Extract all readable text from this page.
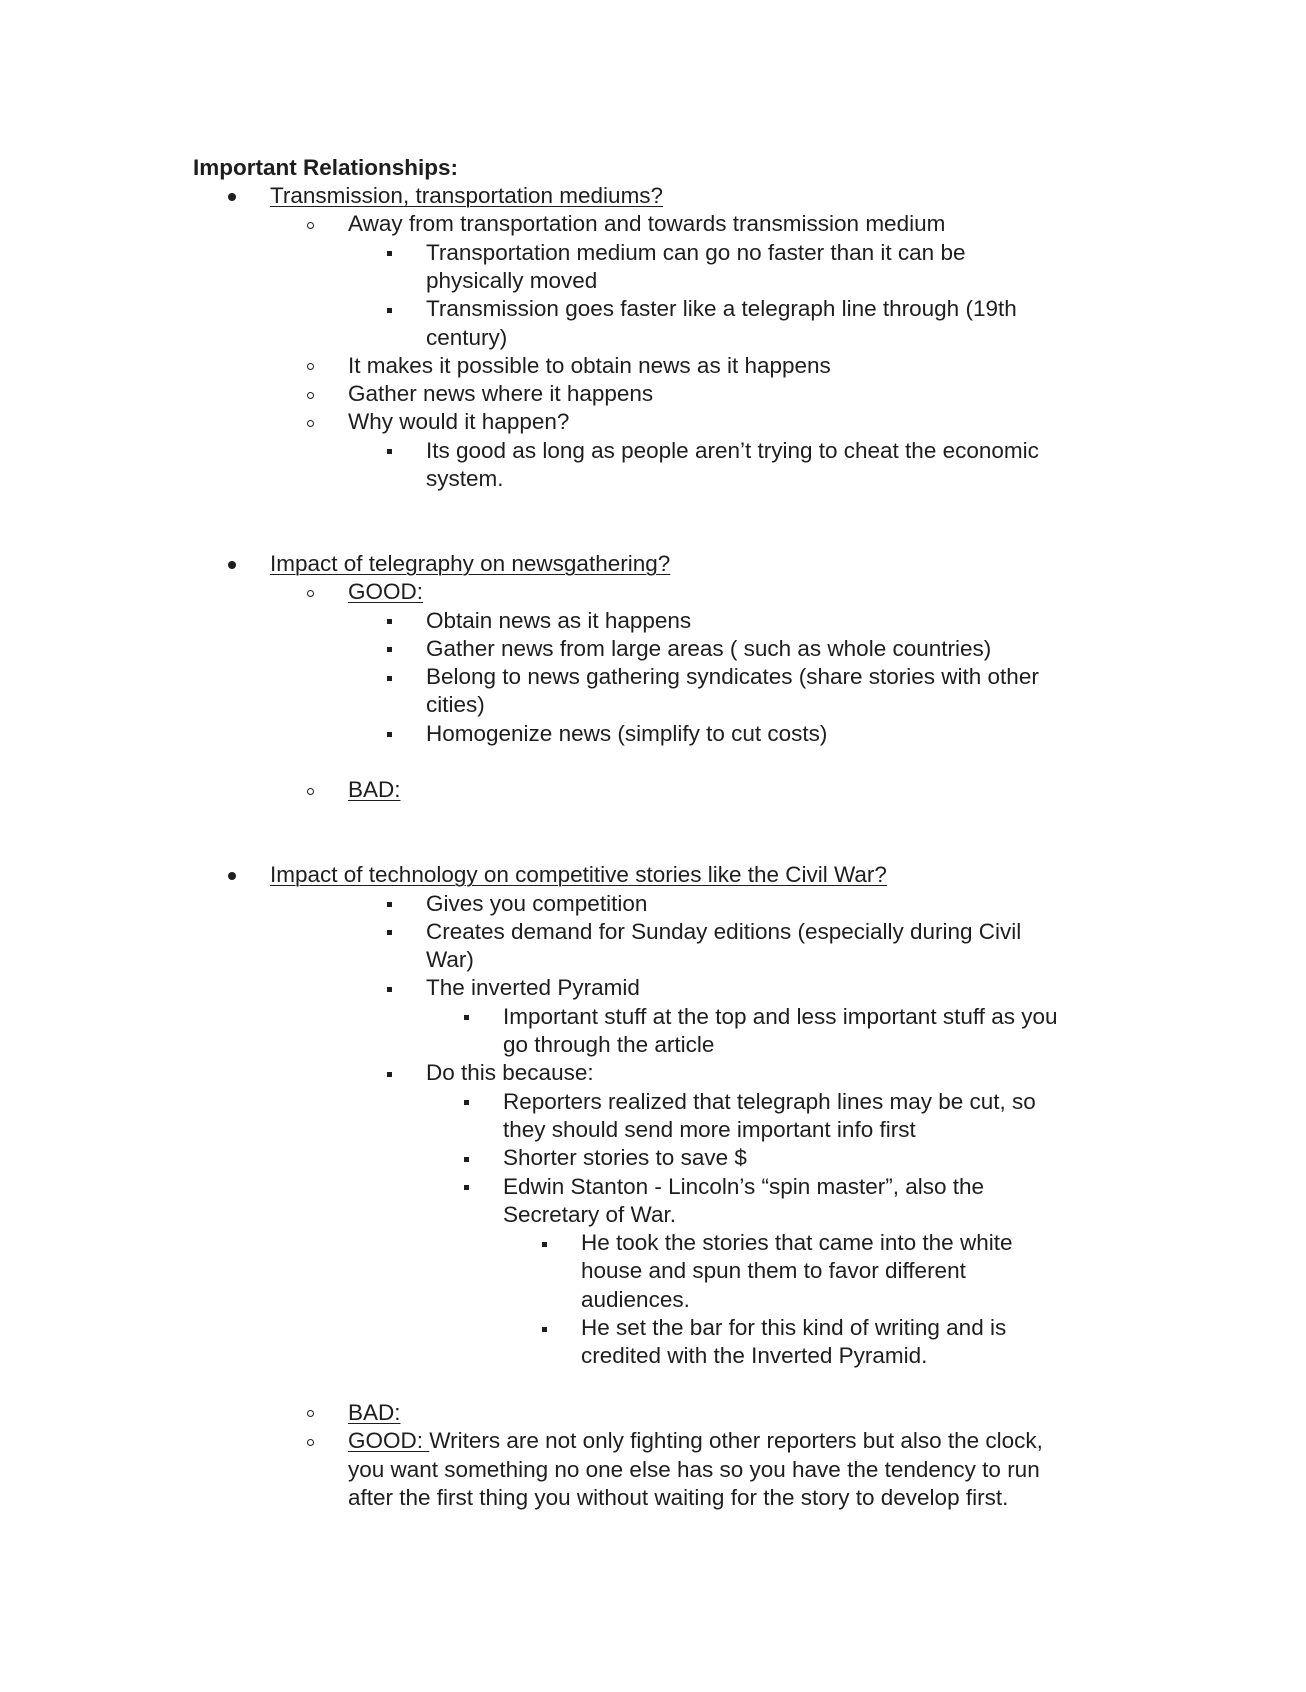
Important Relationships:
Transmission, transportation mediums?
Away from transportation and towards transmission medium
Transportation medium can go no faster than it can be
physically moved
Transmission goes faster like a telegraph line through (19th
century)
It makes it possible to obtain news as it happens
Gather news where it happens
Why would it happen?
Its good as long as people aren’t trying to cheat the economic
system.
Impact of telegraphy on newsgathering?
GOOD:
Obtain news as it happens
Gather news from large areas ( such as whole countries)
Belong to news gathering syndicates (share stories with other
cities)
Homogenize news (simplify to cut costs)
BAD:
Impact of technology on competitive stories like the Civil War?
Gives you competition
Creates demand for Sunday editions (especially during Civil
War)
The inverted Pyramid
Important stuff at the top and less important stuff as you
go through the article
Do this because:
Reporters realized that telegraph lines may be cut, so
they should send more important info first
Shorter stories to save $
Edwin Stanton - Lincoln’s “spin master”, also the
Secretary of War.
He took the stories that came into the white
house and spun them to favor different
audiences.
He set the bar for this kind of writing and is
credited with the Inverted Pyramid.
BAD:
GOOD: Writers are not only fighting other reporters but also the clock,
you want something no one else has so you have the tendency to run
after the first thing you without waiting for the story to develop first.
